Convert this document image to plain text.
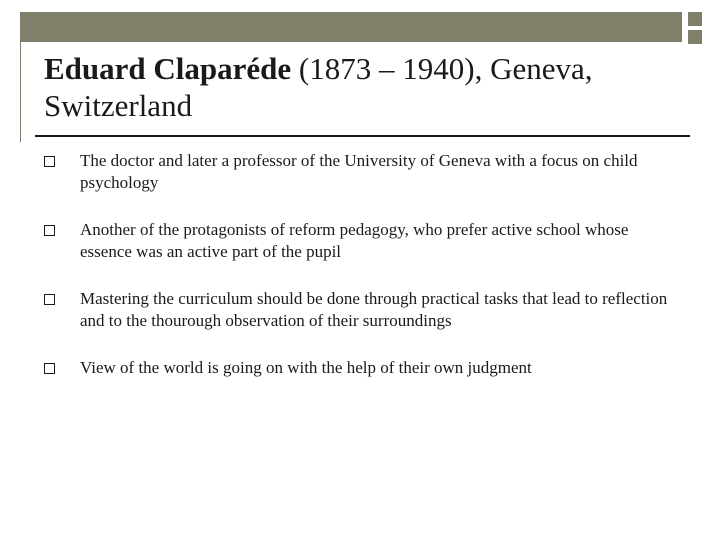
Eduard Claparéde (1873 – 1940), Geneva, Switzerland
The doctor and later a professor of the University of Geneva with a focus on child psychology
Another of the protagonists of reform pedagogy, who prefer active school whose essence was an active part of the pupil
Mastering the curriculum should be done through practical tasks that lead to reflection and to the thourough observation of their surroundings
View of the world is going on with the help of their own judgment
